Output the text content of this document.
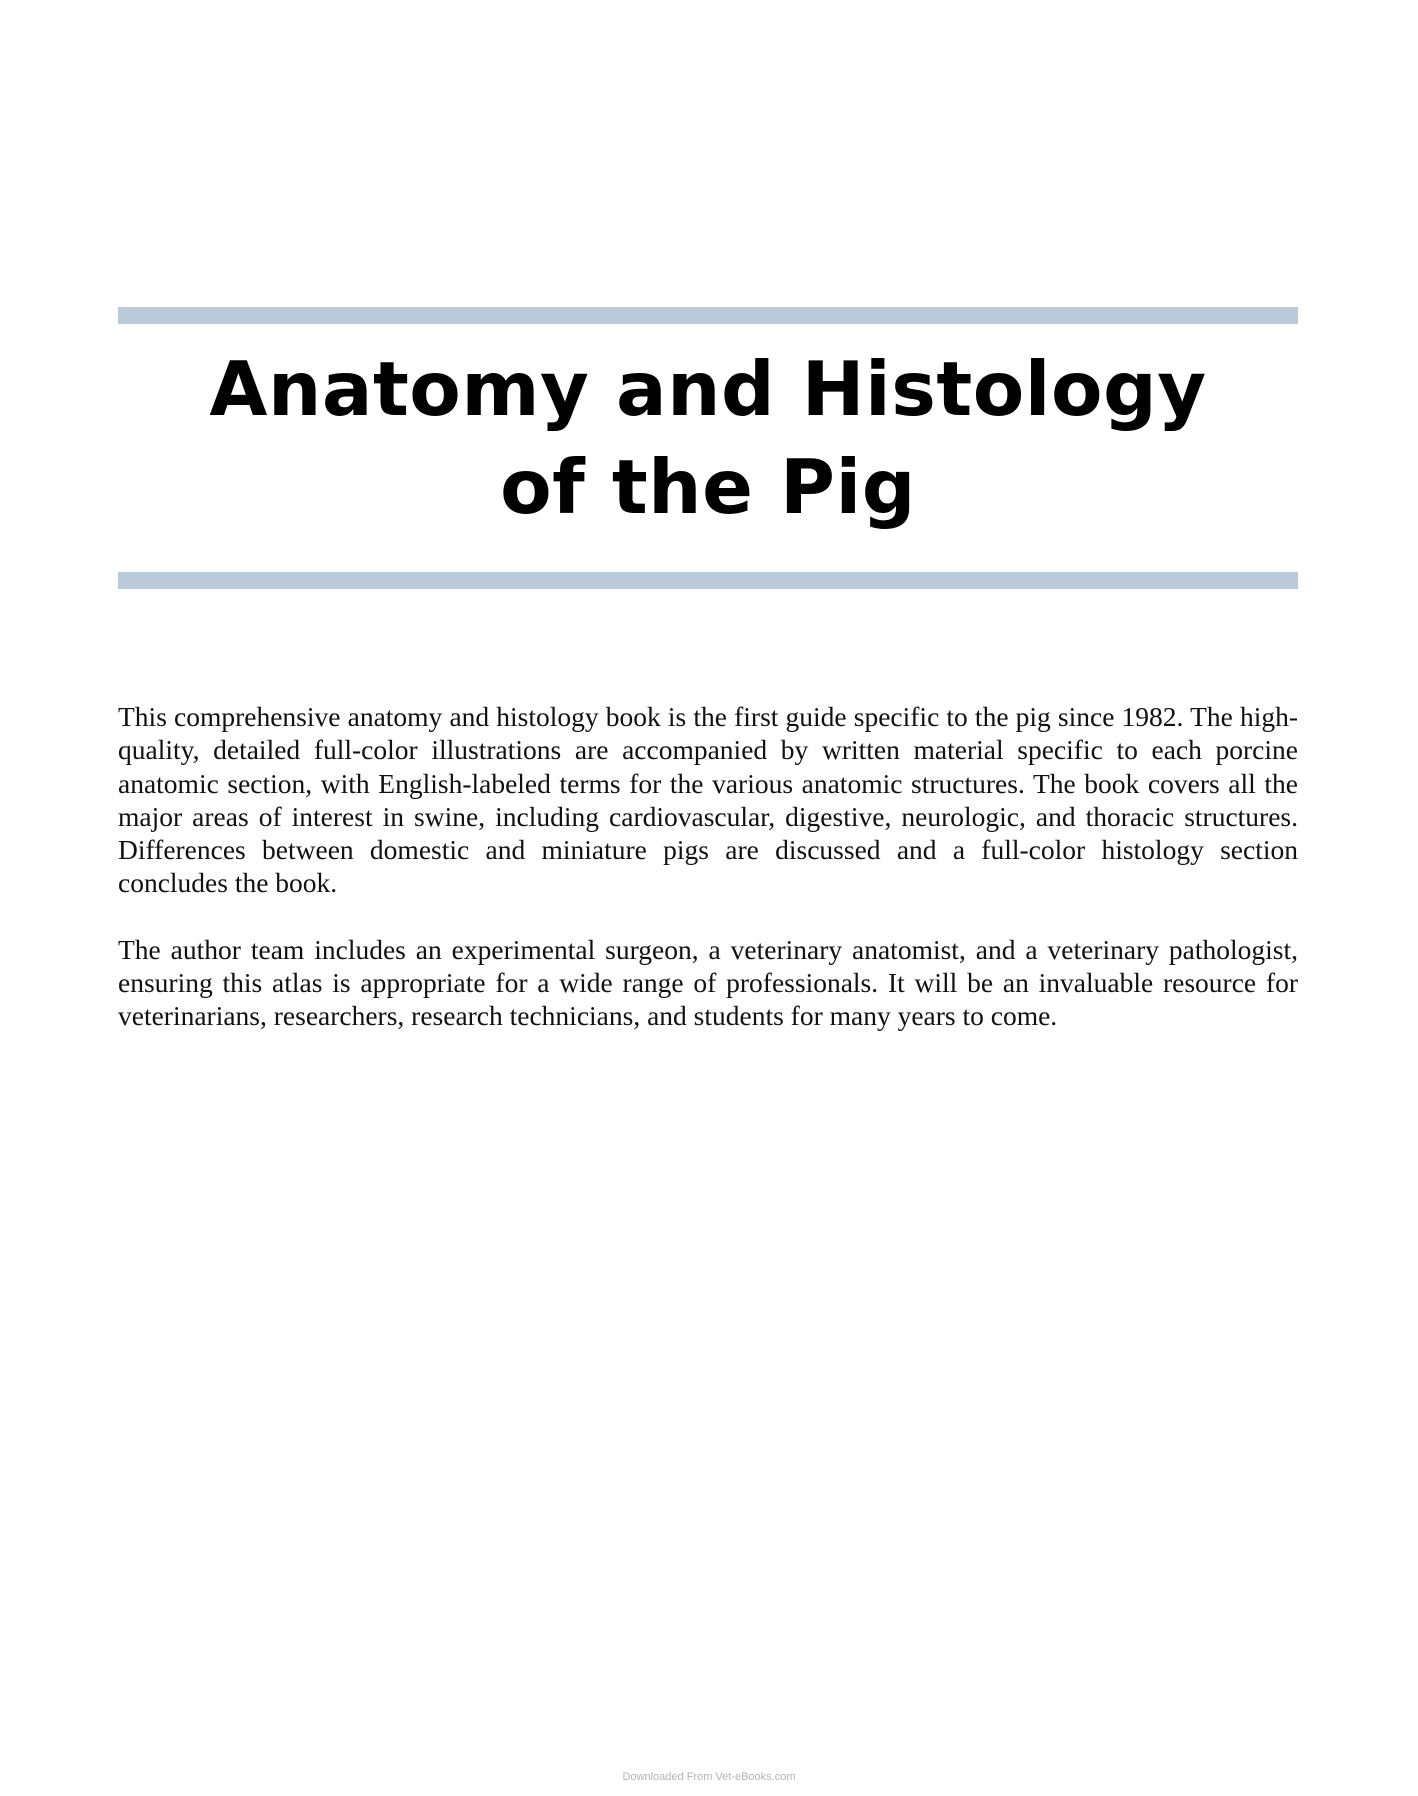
Anatomy and Histology
of the Pig

This comprehensive anatomy and histology book is the first guide specific to the pig since 1982. The high-quality, detailed full-color illustrations are accompanied by written material specific to each porcine anatomic section, with English-labeled terms for the various anatomic structures. The book covers all the major areas of interest in swine, including cardiovascular, digestive, neurologic, and thoracic structures. Differences between domestic and miniature pigs are discussed and a full-color histology section concludes the book.

The author team includes an experimental surgeon, a veterinary anatomist, and a veterinary pathologist, ensuring this atlas is appropriate for a wide range of professionals. It will be an invaluable resource for veterinarians, researchers, research technicians, and students for many years to come.

Downloaded From Vet-eBooks.com
